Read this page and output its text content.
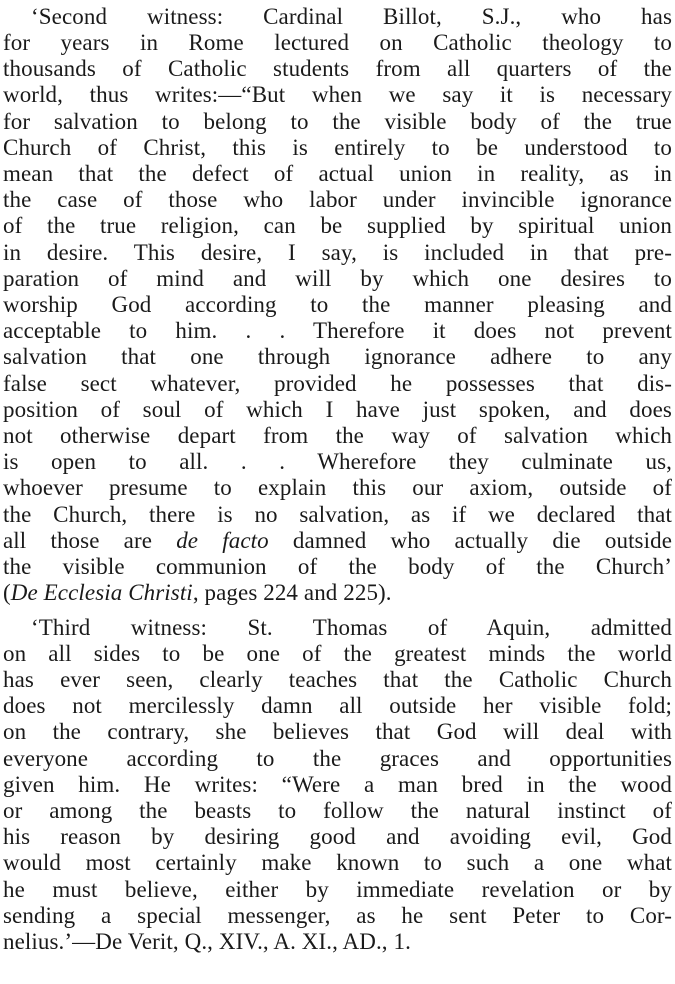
‘Second witness: Cardinal Billot, S.J., who has
for years in Rome lectured on Catholic theology to
thousands of Catholic students from all quarters of the
world, thus writes:—“But when we say it is necessary
for salvation to belong to the visible body of the true
Church of Christ, this is entirely to be understood to
mean that the defect of actual union in reality, as in
the case of those who labor under invincible ignorance
of the true religion, can be supplied by spiritual union
in desire. This desire, I say, is included in that pre-
paration of mind and will by which one desires to
worship God according to the manner pleasing and
acceptable to him. . . Therefore it does not prevent
salvation that one through ignorance adhere to any
false sect whatever, provided he possesses that dis-
position of soul of which I have just spoken, and does
not otherwise depart from the way of salvation which
is open to all. . . Wherefore they culminate us,
whoever presume to explain this our axiom, outside of
the Church, there is no salvation, as if we declared that
all those are de facto damned who actually die outside
the visible communion of the body of the Church’
(De Ecclesia Christi, pages 224 and 225).
‘Third witness: St. Thomas of Aquin, admitted
on all sides to be one of the greatest minds the world
has ever seen, clearly teaches that the Catholic Church
does not mercilessly damn all outside her visible fold;
on the contrary, she believes that God will deal with
everyone according to the graces and opportunities
given him. He writes: “Were a man bred in the wood
or among the beasts to follow the natural instinct of
his reason by desiring good and avoiding evil, God
would most certainly make known to such a one what
he must believe, either by immediate revelation or by
sending a special messenger, as he sent Peter to Cor-
nelius.’—De Verit, Q., XIV., A. XI., AD., 1.
